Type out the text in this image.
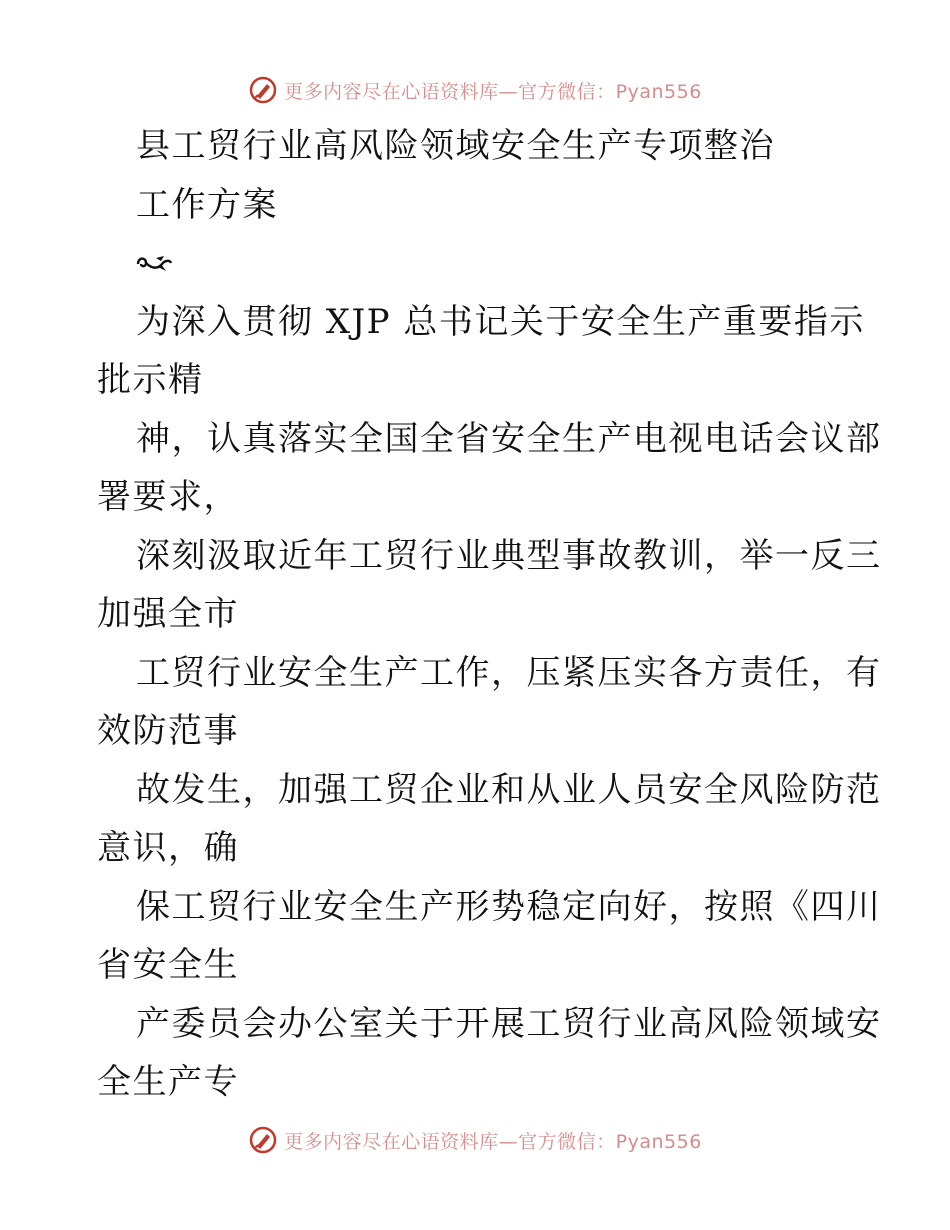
更多内容尽在心语资料库—官方微信：Pyan556
县工贸行业高风险领域安全生产专项整治
工作方案
为深入贯彻 XJP 总书记关于安全生产重要指示
批示精
神，认真落实全国全省安全生产电视电话会议部
署要求，
深刻汲取近年工贸行业典型事故教训，举一反三
加强全市
工贸行业安全生产工作，压紧压实各方责任，有
效防范事
故发生，加强工贸企业和从业人员安全风险防范
意识，确
保工贸行业安全生产形势稳定向好，按照《四川
省安全生
产委员会办公室关于开展工贸行业高风险领域安
全生产专
更多内容尽在心语资料库—官方微信：Pyan556
